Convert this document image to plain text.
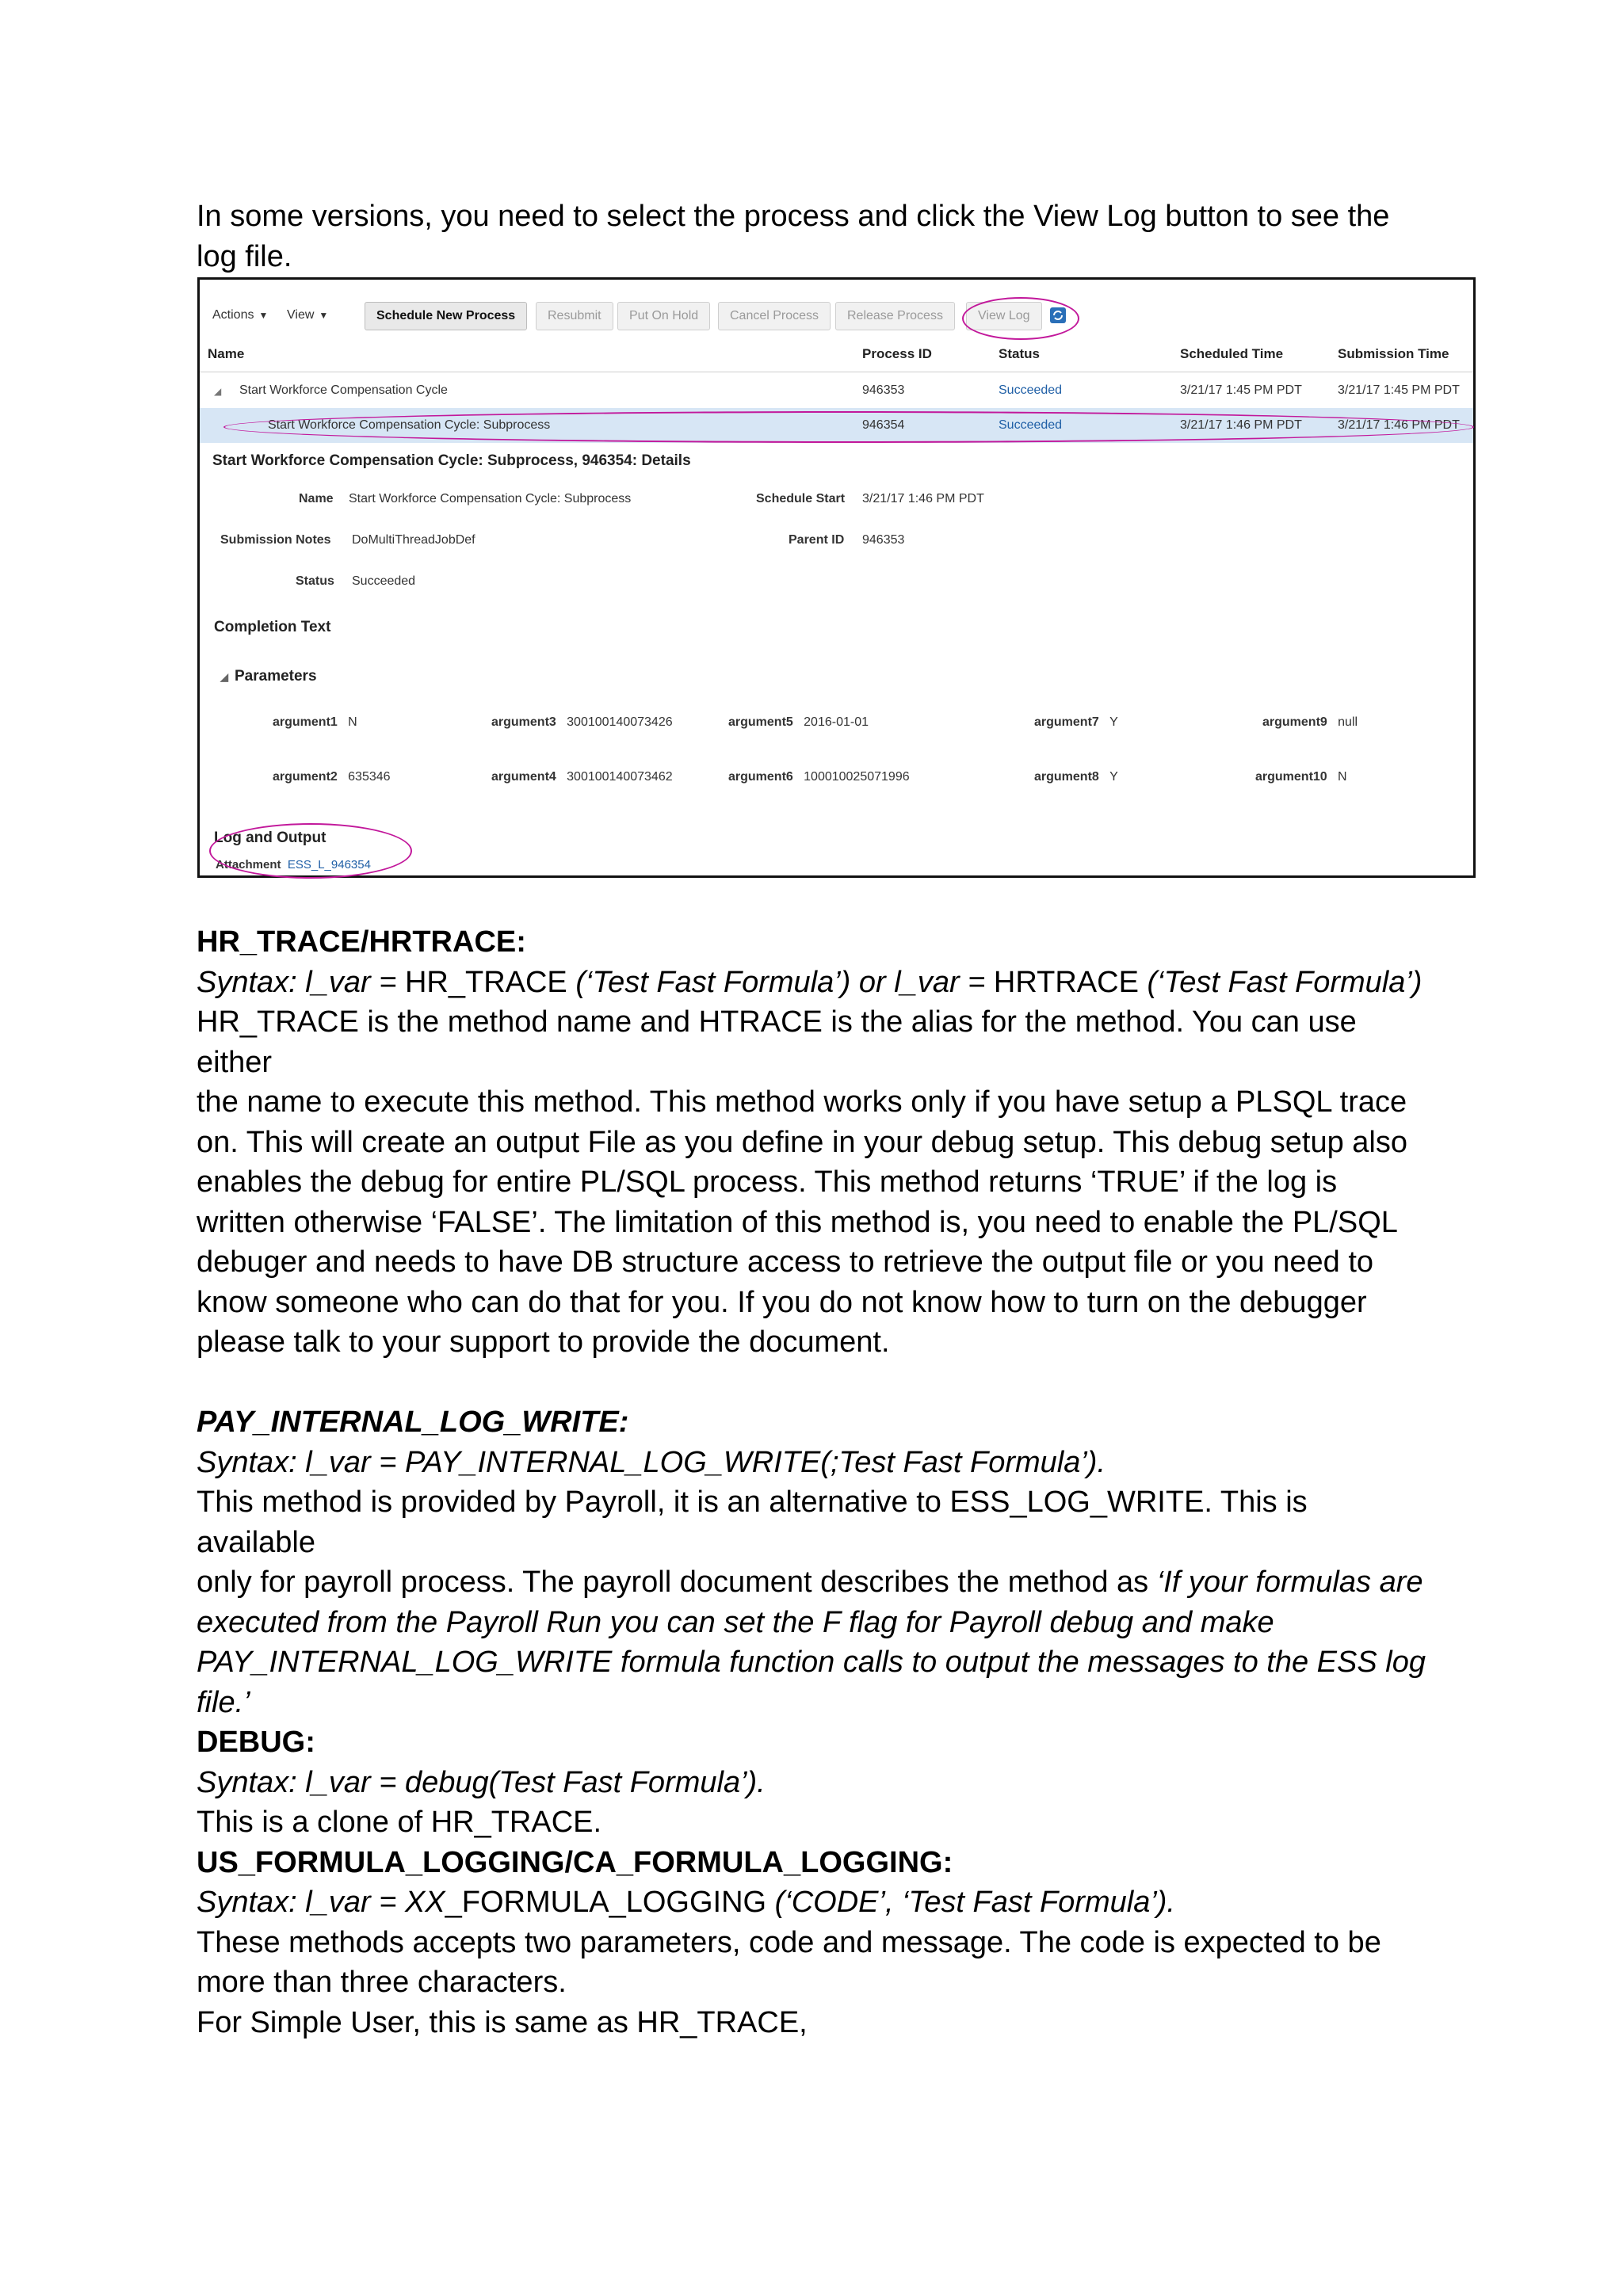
In some versions, you need to select the process and click the View Log button to see the

log file.

Actions ▼ View ▼	Schedule New Process	Resubmit	Put On Hold	Cancel Process	Release Process	View Log
Name	Process ID	Status	Scheduled Time	Submission Time
◢ Start Workforce Compensation Cycle	946353	Succeeded	3/21/17 1:45 PM PDT	3/21/17 1:45 PM PDT
Start Workforce Compensation Cycle: Subprocess	946354	Succeeded	3/21/17 1:46 PM PDT	3/21/17 1:46 PM PDT
Start Workforce Compensation Cycle: Subprocess, 946354: Details
Name Start Workforce Compensation Cycle: Subprocess	Schedule Start 3/21/17 1:46 PM PDT
Submission Notes DoMultiThreadJobDef	Parent ID 946353
Status Succeeded
Completion Text
◢ Parameters
argument1 N	argument3 300100140073426	argument5 2016-01-01	argument7 Y	argument9 null
argument2 635346	argument4 300100140073462	argument6 100010025071996	argument8 Y	argument10 N
Log and Output
Attachment ESS_L_946354

HR_TRACE/HRTRACE:

Syntax: l_var = HR_TRACE (‘Test Fast Formula’) or l_var = HRTRACE (‘Test Fast Formula’)

HR_TRACE is the method name and HTRACE is the alias for the method. You can use either

the name to execute this method. This method works only if you have setup a PLSQL trace

on. This will create an output File as you define in your debug setup. This debug setup also

enables the debug for entire PL/SQL process. This method returns ‘TRUE’ if the log is

written otherwise ‘FALSE’. The limitation of this method is, you need to enable the PL/SQL

debuger and needs to have DB structure access to retrieve the output file or you need to

know someone who can do that for you. If you do not know how to turn on the debugger

please talk to your support to provide the document.

PAY_INTERNAL_LOG_WRITE:

Syntax: l_var = PAY_INTERNAL_LOG_WRITE(;Test Fast Formula’).

This method is provided by Payroll, it is an alternative to ESS_LOG_WRITE. This is available

only for payroll process. The payroll document describes the method as ‘If your formulas are

executed from the Payroll Run you can set the F flag for Payroll debug and make

PAY_INTERNAL_LOG_WRITE formula function calls to output the messages to the ESS log

file.’

DEBUG:

Syntax: l_var = debug(Test Fast Formula’).

This is a clone of HR_TRACE.

US_FORMULA_LOGGING/CA_FORMULA_LOGGING:

Syntax: l_var = XX_FORMULA_LOGGING (‘CODE’, ‘Test Fast Formula’).

These methods accepts two parameters, code and message. The code is expected to be

more than three characters.

For Simple User, this is same as HR_TRACE,
